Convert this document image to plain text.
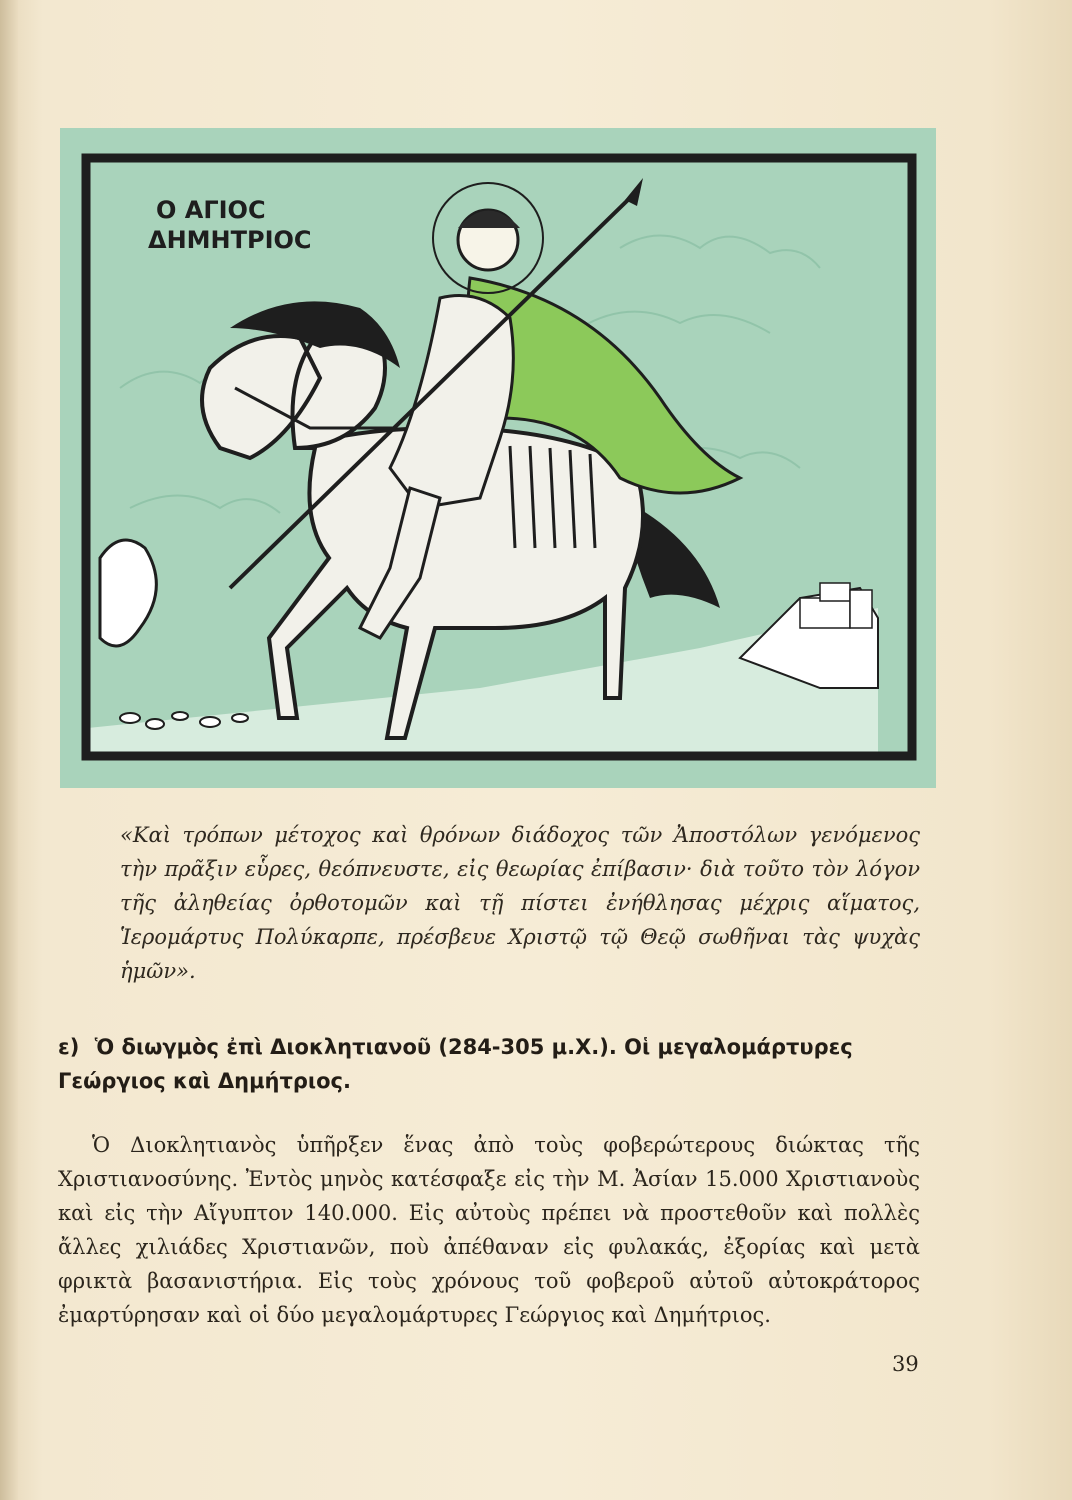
Ο ΑΓΙΟϹ
ΔΗΜΗΤΡΙΟϹ

«Καὶ τρόπων μέτοχος καὶ θρόνων διάδοχος τῶν Ἀποστόλων γενόμενος τὴν πρᾶξιν εὗρες, θεόπνευστε, εἰς θεωρίας ἐπίβασιν· διὰ τοῦτο τὸν λόγον τῆς ἀληθείας ὀρθοτομῶν καὶ τῇ πίστει ἐνήθλησας μέχρις αἵματος, Ἱερομάρτυς Πολύκαρπε, πρέσβευε Χριστῷ τῷ Θεῷ σωθῆναι τὰς ψυχὰς ἡμῶν».

ε) Ὁ διωγμὸς ἐπὶ Διοκλητιανοῦ (284-305 μ.Χ.). Οἱ μεγαλομάρτυρες Γεώργιος καὶ Δημήτριος.

Ὁ Διοκλητιανὸς ὑπῆρξεν ἕνας ἀπὸ τοὺς φοβερώτερους διώκτας τῆς Χριστιανοσύνης. Ἐντὸς μηνὸς κατέσφαξε εἰς τὴν Μ. Ἀσίαν 15.000 Χριστιανοὺς καὶ εἰς τὴν Αἴγυπτον 140.000. Εἰς αὐτοὺς πρέπει νὰ προστεθοῦν καὶ πολλὲς ἄλλες χιλιάδες Χριστιανῶν, ποὺ ἀπέθαναν εἰς φυλακάς, ἐξορίας καὶ μετὰ φρικτὰ βασανιστήρια. Εἰς τοὺς χρόνους τοῦ φοβεροῦ αὐτοῦ αὐτοκράτορος ἐμαρτύρησαν καὶ οἱ δύο μεγαλομάρτυρες Γεώργιος καὶ Δημήτριος.

39
